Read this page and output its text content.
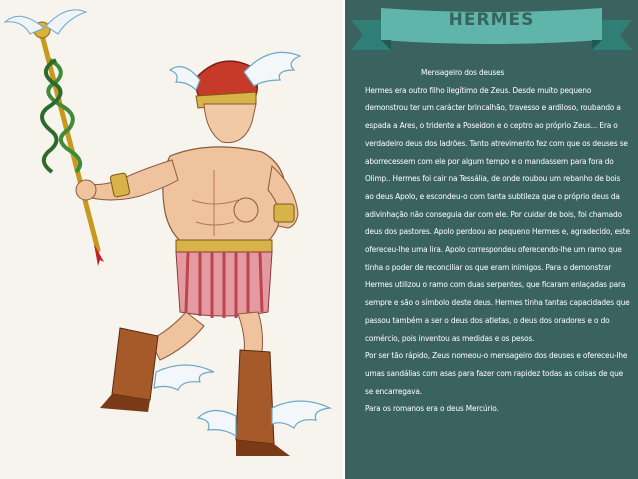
HERMES
Mensageiro dos deuses
Hermes era outro filho ilegítimo de Zeus. Desde muito pequeno demonstrou ter um carácter brincalhão, travesso e ardiloso, roubando a espada a Ares, o tridente a Poseidon e o ceptro ao próprio Zeus... Era o verdadeiro deus dos ladrões. Tanto atrevimento fez com que os deuses se aborrecessem com ele por algum tempo e o mandassem para fora do Olimp.. Hermes foi cair na Tessália, de onde roubou um rebanho de bois ao deus Apolo, e escondeu-o com tanta subtileza que o próprio deus da adivinhação não conseguia dar com ele. Por cuidar de bois, foi chamado deus dos pastores. Apolo perdoou ao pequeno Hermes e, agradecido, este ofereceu-lhe uma lira. Apolo correspondeu oferecendo-lhe um ramo que tinha o poder de reconciliar os que eram inimigos. Para o demonstrar Hermes utilizou o ramo com duas serpentes, que ficaram enlaçadas para sempre e são o símbolo deste deus. Hermes tinha tantas capacidades que passou também a ser o deus dos atletas, o deus dos oradores e o do comércio, pois inventou as medidas e os pesos.
Por ser tão rápido, Zeus nomeou-o mensageiro dos deuses e ofereceu-lhe umas sandálias com asas para fazer com rapidez todas as coisas de que se encarregava.
Para os romanos era o deus Mercúrio.
